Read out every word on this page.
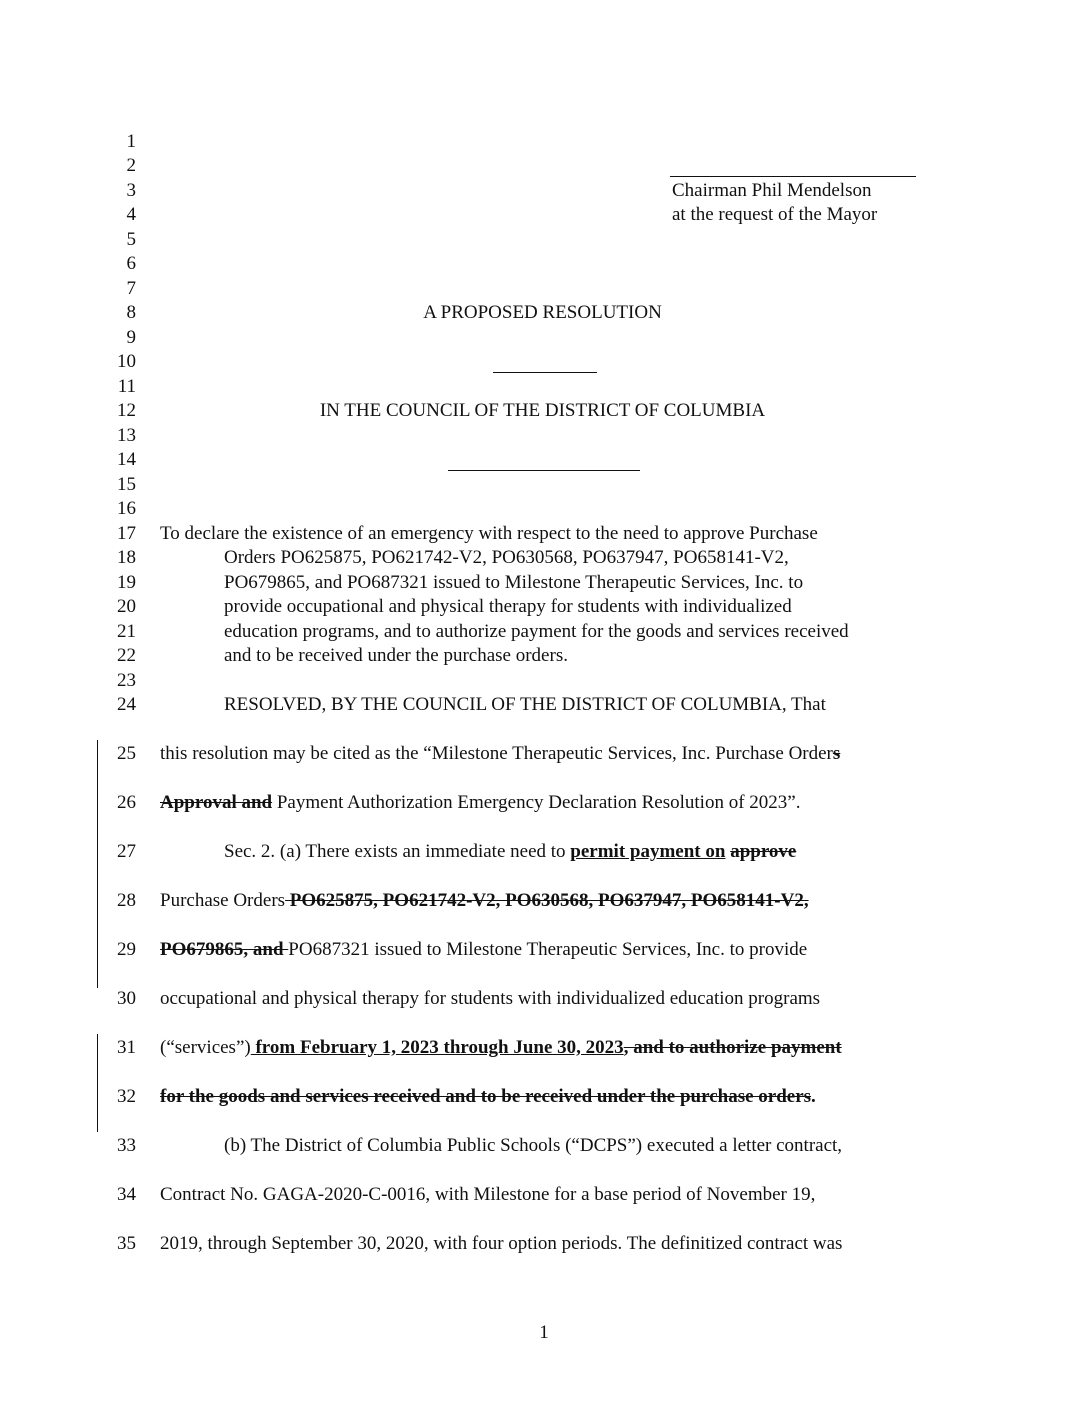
1
2
3
4
5
6
7
8
9
10
11
12
13
14
15
16
17
18
19
20
21
22
23
24
25
26
27
28
29
30
31
32
33
34
35
Chairman Phil Mendelson
at the request of the Mayor
A PROPOSED RESOLUTION
IN THE COUNCIL OF THE DISTRICT OF COLUMBIA
To declare the existence of an emergency with respect to the need to approve Purchase
Orders PO625875, PO621742-V2, PO630568, PO637947, PO658141-V2,
PO679865, and PO687321 issued to Milestone Therapeutic Services, Inc. to
provide occupational and physical therapy for students with individualized
education programs, and to authorize payment for the goods and services received
and to be received under the purchase orders.
RESOLVED, BY THE COUNCIL OF THE DISTRICT OF COLUMBIA, That
this resolution may be cited as the “Milestone Therapeutic Services, Inc. Purchase Orders
Approval and Payment Authorization Emergency Declaration Resolution of 2023”.
Sec. 2. (a) There exists an immediate need to permit payment on approve
Purchase Orders PO625875, PO621742-V2, PO630568, PO637947, PO658141-V2,
PO679865, and PO687321 issued to Milestone Therapeutic Services, Inc. to provide
occupational and physical therapy for students with individualized education programs
(“services”) from February 1, 2023 through June 30, 2023, and to authorize payment
for the goods and services received and to be received under the purchase orders.
(b) The District of Columbia Public Schools (“DCPS”) executed a letter contract,
Contract No. GAGA-2020-C-0016, with Milestone for a base period of November 19,
2019, through September 30, 2020, with four option periods. The definitized contract was
1
